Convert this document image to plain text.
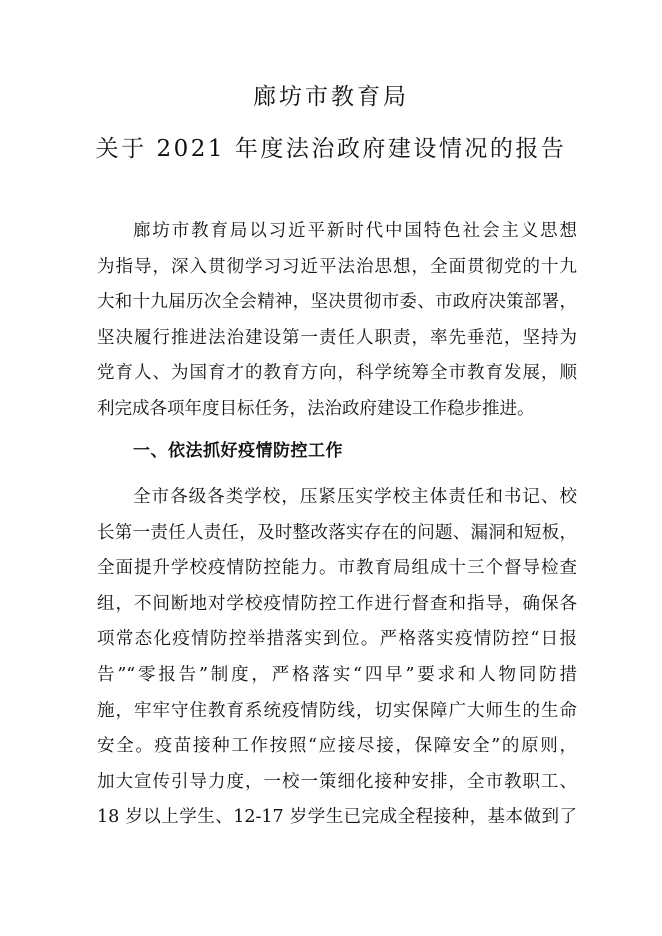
廊坊市教育局
关于 2021 年度法治政府建设情况的报告
廊坊市教育局以习近平新时代中国特色社会主义思想
为指导，深入贯彻学习习近平法治思想，全面贯彻党的十九
大和十九届历次全会精神，坚决贯彻市委、市政府决策部署，
坚决履行推进法治建设第一责任人职责，率先垂范，坚持为
党育人、为国育才的教育方向，科学统筹全市教育发展，顺
利完成各项年度目标任务，法治政府建设工作稳步推进。
一、依法抓好疫情防控工作
全市各级各类学校，压紧压实学校主体责任和书记、校
长第一责任人责任，及时整改落实存在的问题、漏洞和短板，
全面提升学校疫情防控能力。市教育局组成十三个督导检查
组，不间断地对学校疫情防控工作进行督查和指导，确保各
项常态化疫情防控举措落实到位。严格落实疫情防控“日报
告”“零报告”制度，严格落实“四早”要求和人物同防措
施，牢牢守住教育系统疫情防线，切实保障广大师生的生命
安全。疫苗接种工作按照“应接尽接，保障安全”的原则，
加大宣传引导力度，一校一策细化接种安排，全市教职工、
18 岁以上学生、12-17 岁学生已完成全程接种，基本做到了
